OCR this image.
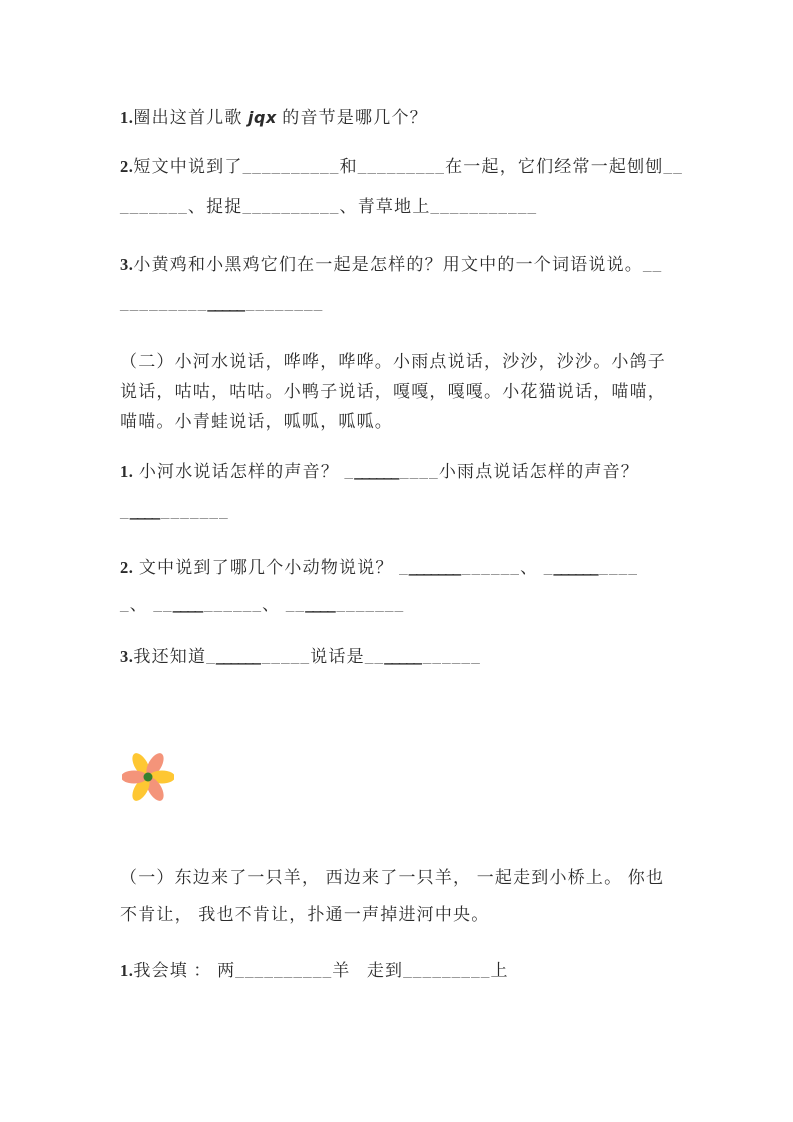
1.圈出这首儿歌 jqx 的音节是哪几个？

2.短文中说到了__________和_________在一起，它们经常一起刨刨__

_______、捉捉__________、青草地上___________

3.小黄鸡和小黑鸡它们在一起是怎样的？用文中的一个词语说说。__

______________ ________

（二）小河水说话，哗哗，哗哗。小雨点说话，沙沙，沙沙。小鸽子

说话，咕咕，咕咕。小鸭子说话，嘎嘎，嘎嘎。小花猫说话，喵喵，

喵喵。小青蛙说话，呱呱，呱呱。

1. 小河水说话怎样的声音？ _______ ____小雨点说话怎样的声音？

_____ _______

2. 文中说到了哪几个小动物说说？ ________ ______、 _______ ____

_、 ______ ______、 ______ _______

3.我还知道_______ _____说话是_______ ______

（一）东边来了一只羊， 西边来了一只羊， 一起走到小桥上。 你也

不肯让， 我也不肯让，扑通一声掉进河中央。

1.我会填 ： 两__________羊   走到_________上
